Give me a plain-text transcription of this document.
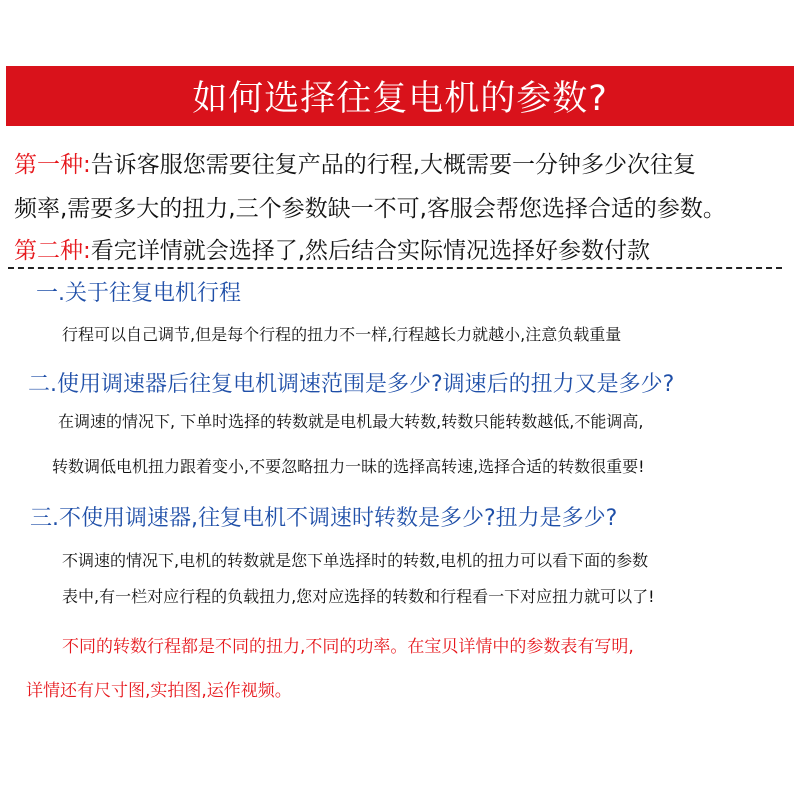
如何选择往复电机的参数?
第一种:告诉客服您需要往复产品的行程,大概需要一分钟多少次往复
频率,需要多大的扭力,三个参数缺一不可,客服会帮您选择合适的参数。
第二种:看完详情就会选择了,然后结合实际情况选择好参数付款
一.关于往复电机行程
行程可以自己调节,但是每个行程的扭力不一样,行程越长力就越小,注意负载重量
二.使用调速器后往复电机调速范围是多少?调速后的扭力又是多少?
在调速的情况下, 下单时选择的转数就是电机最大转数,转数只能转数越低,不能调高,
转数调低电机扭力跟着变小,不要忽略扭力一昧的选择高转速,选择合适的转数很重要!
三.不使用调速器,往复电机不调速时转数是多少?扭力是多少?
不调速的情况下,电机的转数就是您下单选择时的转数,电机的扭力可以看下面的参数
表中,有一栏对应行程的负载扭力,您对应选择的转数和行程看一下对应扭力就可以了!
不同的转数行程都是不同的扭力,不同的功率。在宝贝详情中的参数表有写明,
详情还有尺寸图,实拍图,运作视频。
